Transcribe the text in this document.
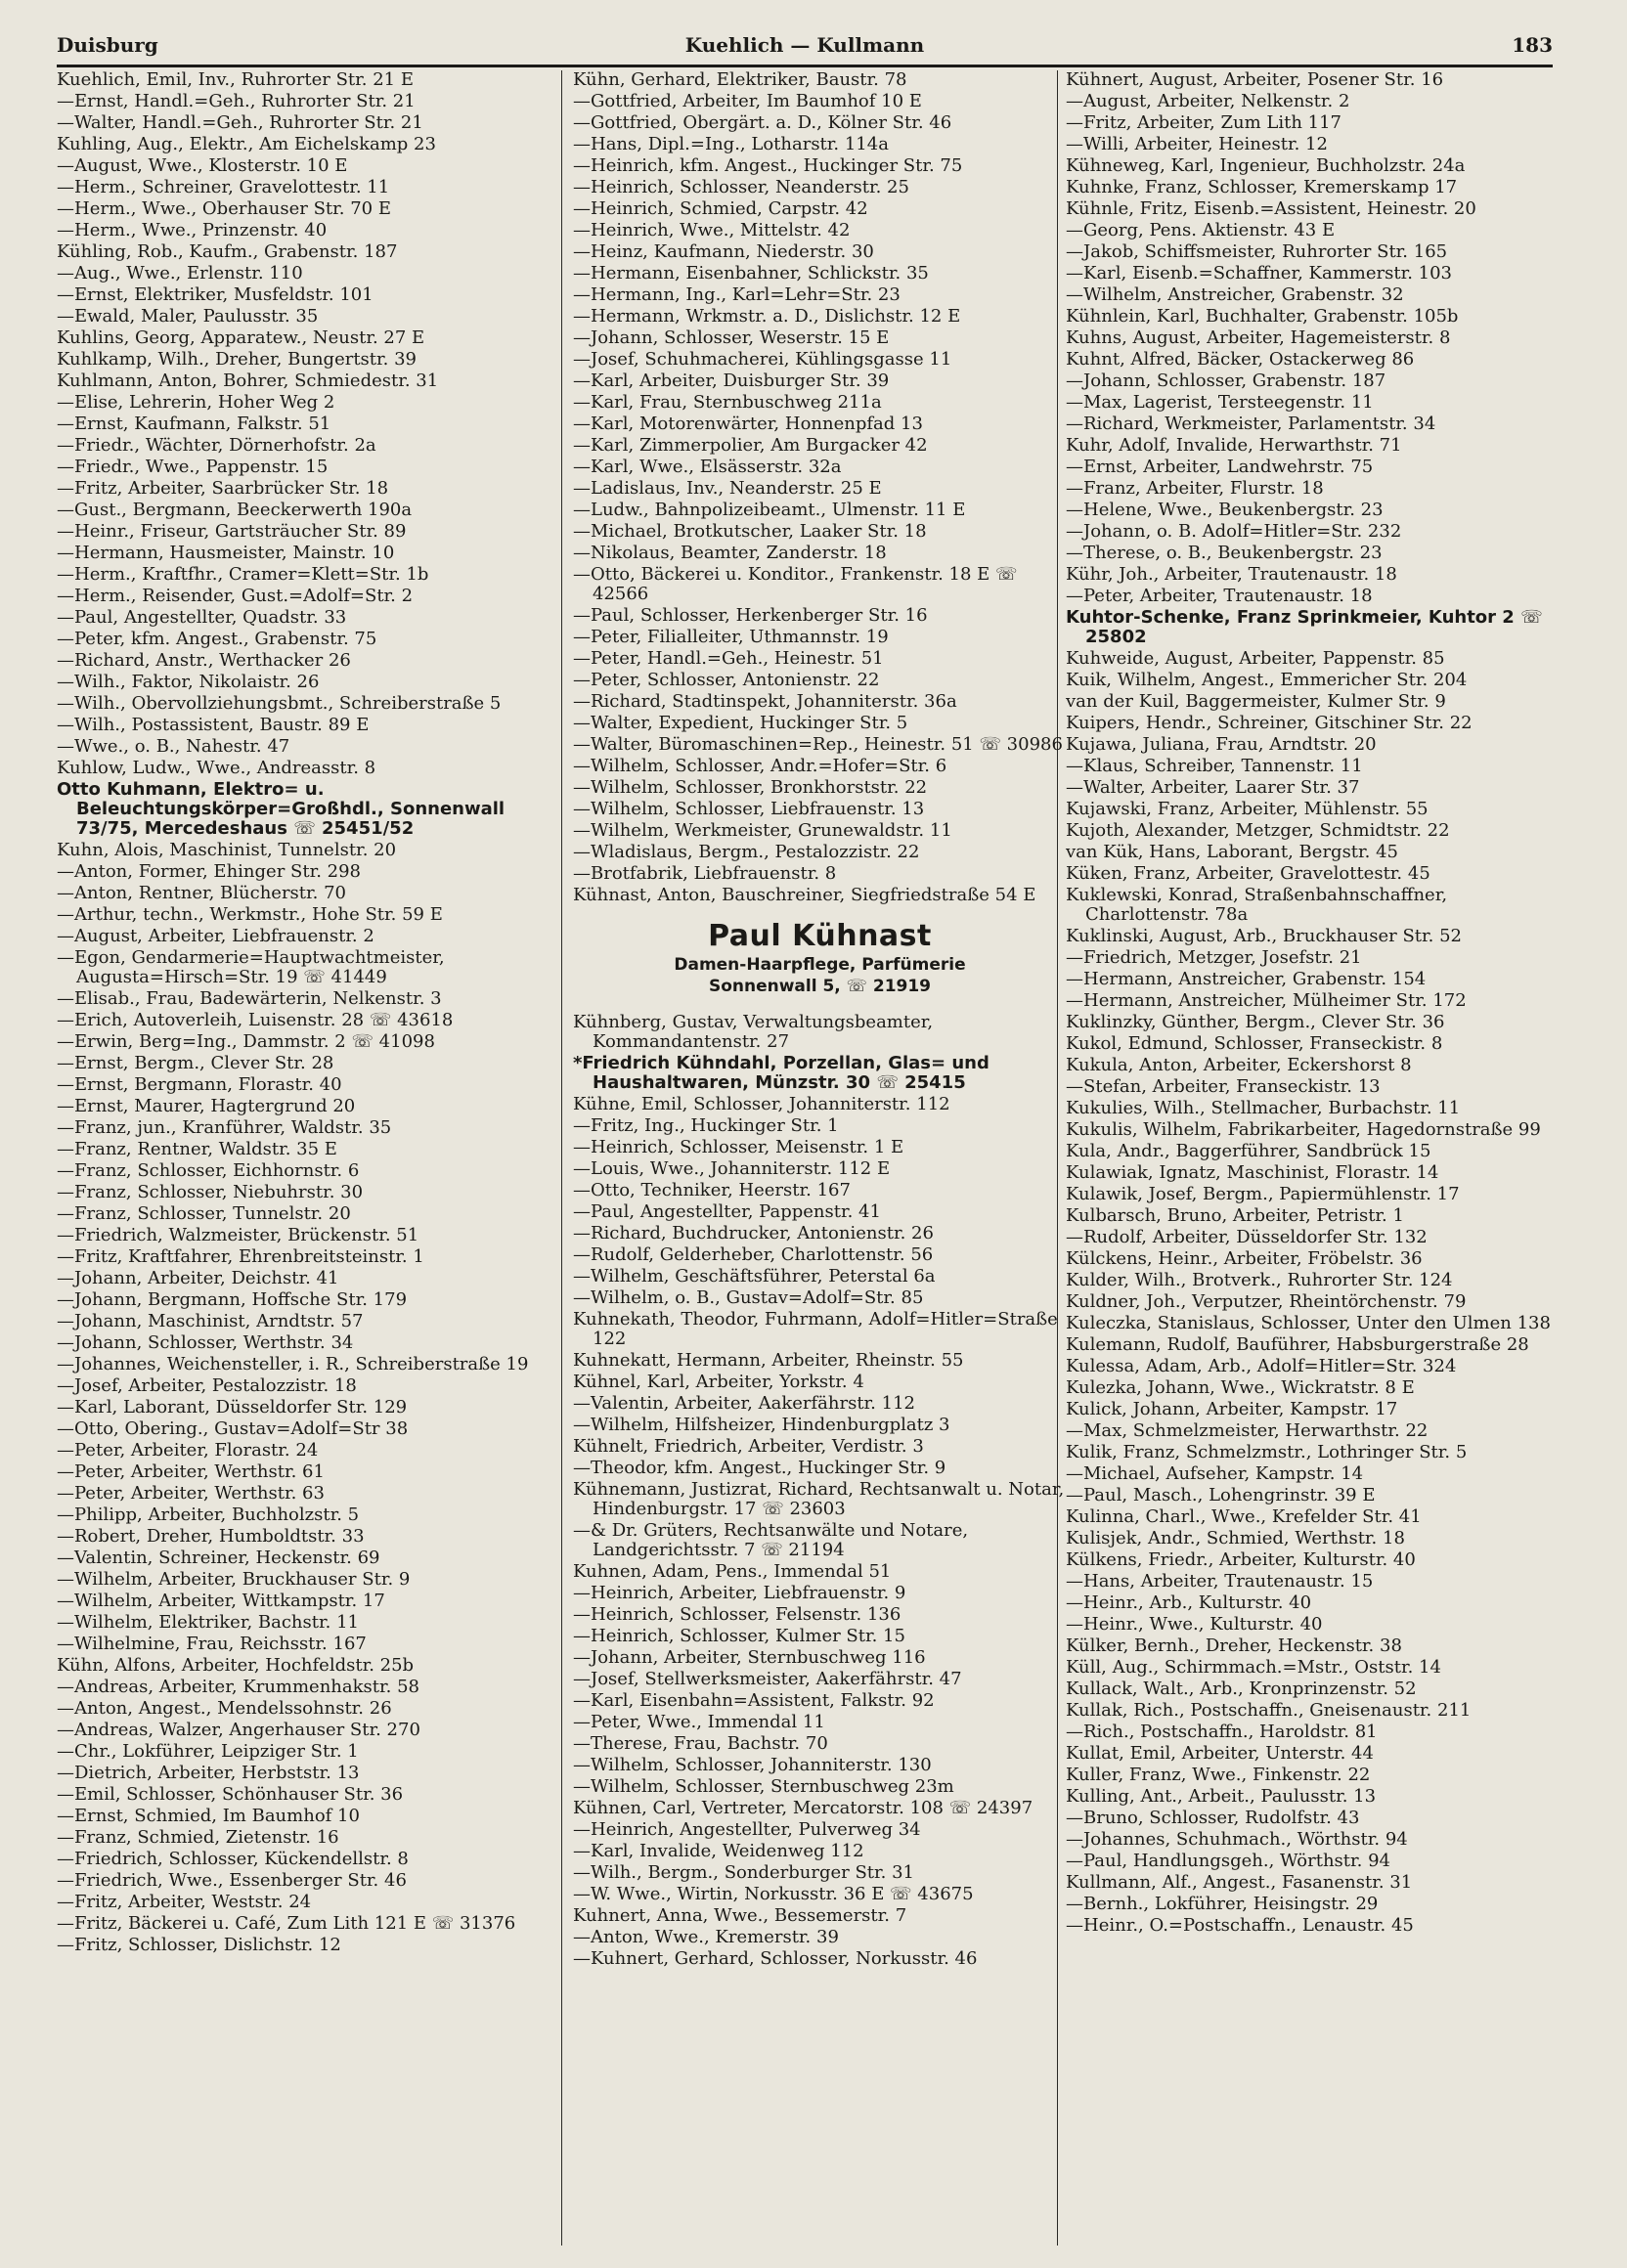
Duisburg	Kuehlich — Kullmann	183
Kuehlich, Emil, Inv., Ruhrorter Str. 21 E
—Ernst, Handl.=Geh., Ruhrorter Str. 21
—Walter, Handl.=Geh., Ruhrorter Str. 21
Kuhling, Aug., Elektr., Am Eichelskamp 23
—August, Wwe., Klosterstr. 10 E
—Herm., Schreiner, Gravelottestr. 11
—Herm., Wwe., Oberhauser Str. 70 E
—Herm., Wwe., Prinzenstr. 40
Kühling, Rob., Kaufm., Grabenstr. 187
—Aug., Wwe., Erlenstr. 110
—Ernst, Elektriker, Musfeldstr. 101
—Ewald, Maler, Paulusstr. 35
Kuhlins, Georg, Apparatew., Neustr. 27 E
Kuhlkamp, Wilh., Dreher, Bungertstr. 39
Kuhlmann, Anton, Bohrer, Schmiedestr. 31
—Elise, Lehrerin, Hoher Weg 2
—Ernst, Kaufmann, Falkstr. 51
—Friedr., Wächter, Dörnerhofstr. 2a
—Friedr., Wwe., Pappenstr. 15
—Fritz, Arbeiter, Saarbrücker Str. 18
—Gust., Bergmann, Beeckerwerth 190a
—Heinr., Friseur, Gartsträucher Str. 89
—Hermann, Hausmeister, Mainstr. 10
—Herm., Kraftfhr., Cramer=Klett=Str. 1b
—Herm., Reisender, Gust.=Adolf=Str. 2
—Paul, Angestellter, Quadstr. 33
—Peter, kfm. Angest., Grabenstr. 75
—Richard, Anstr., Werthacker 26
—Wilh., Faktor, Nikolaistr. 26
—Wilh., Obervollziehungsbmt., Schreiberstraße 5
—Wilh., Postassistent, Baustr. 89 E
—Wwe., o. B., Nahestr. 47
Kuhlow, Ludw., Wwe., Andreasstr. 8
Otto Kuhmann, Elektro= u. Beleuchtungskörper=Großhdl., Sonnenwall 73/75, Mercedeshaus ☏ 25451/52
Kuhn, Alois, Maschinist, Tunnelstr. 20
—Anton, Former, Ehinger Str. 298
—Anton, Rentner, Blücherstr. 70
—Arthur, techn., Werkmstr., Hohe Str. 59 E
—August, Arbeiter, Liebfrauenstr. 2
—Egon, Gendarmerie=Hauptwachtmeister, Augusta=Hirsch=Str. 19 ☏ 41449
—Elisab., Frau, Badewärterin, Nelkenstr. 3
—Erich, Autoverleih, Luisenstr. 28 ☏ 43618
—Erwin, Berg=Ing., Dammstr. 2 ☏ 41098
—Ernst, Bergm., Clever Str. 28
—Ernst, Bergmann, Florastr. 40
—Ernst, Maurer, Hagtergrund 20
—Franz, jun., Kranführer, Waldstr. 35
—Franz, Rentner, Waldstr. 35 E
—Franz, Schlosser, Eichhornstr. 6
—Franz, Schlosser, Niebuhrstr. 30
—Franz, Schlosser, Tunnelstr. 20
—Friedrich, Walzmeister, Brückenstr. 51
—Fritz, Kraftfahrer, Ehrenbreitsteinstr. 1
—Johann, Arbeiter, Deichstr. 41
—Johann, Bergmann, Hoffsche Str. 179
—Johann, Maschinist, Arndtstr. 57
—Johann, Schlosser, Werthstr. 34
—Johannes, Weichensteller, i. R., Schreiberstraße 19
—Josef, Arbeiter, Pestalozzistr. 18
—Karl, Laborant, Düsseldorfer Str. 129
—Otto, Obering., Gustav=Adolf=Str 38
—Peter, Arbeiter, Florastr. 24
—Peter, Arbeiter, Werthstr. 61
—Peter, Arbeiter, Werthstr. 63
—Philipp, Arbeiter, Buchholzstr. 5
—Robert, Dreher, Humboldtstr. 33
—Valentin, Schreiner, Heckenstr. 69
—Wilhelm, Arbeiter, Bruckhauser Str. 9
—Wilhelm, Arbeiter, Wittkampstr. 17
—Wilhelm, Elektriker, Bachstr. 11
—Wilhelmine, Frau, Reichsstr. 167
Kühn, Alfons, Arbeiter, Hochfeldstr. 25b
—Andreas, Arbeiter, Krummenhakstr. 58
—Anton, Angest., Mendelssohnstr. 26
—Andreas, Walzer, Angerhauser Str. 270
—Chr., Lokführer, Leipziger Str. 1
—Dietrich, Arbeiter, Herbststr. 13
—Emil, Schlosser, Schönhauser Str. 36
—Ernst, Schmied, Im Baumhof 10
—Franz, Schmied, Zietenstr. 16
—Friedrich, Schlosser, Kückendellstr. 8
—Friedrich, Wwe., Essenberger Str. 46
—Fritz, Arbeiter, Weststr. 24
—Fritz, Bäckerei u. Café, Zum Lith 121 E ☏ 31376
—Fritz, Schlosser, Dislichstr. 12
Kühn, Gerhard, Elektriker, Baustr. 78
—Gottfried, Arbeiter, Im Baumhof 10 E
—Gottfried, Obergärt. a. D., Kölner Str. 46
—Hans, Dipl.=Ing., Lotharstr. 114a
—Heinrich, kfm. Angest., Huckinger Str. 75
—Heinrich, Schlosser, Neanderstr. 25
—Heinrich, Schmied, Carpstr. 42
—Heinrich, Wwe., Mittelstr. 42
—Heinz, Kaufmann, Niederstr. 30
—Hermann, Eisenbahner, Schlickstr. 35
—Hermann, Ing., Karl=Lehr=Str. 23
—Hermann, Wrkmstr. a. D., Dislichstr. 12 E
—Johann, Schlosser, Weserstr. 15 E
—Josef, Schuhmacherei, Kühlingsgasse 11
—Karl, Arbeiter, Duisburger Str. 39
—Karl, Frau, Sternbuschweg 211a
—Karl, Motorenwärter, Honnenpfad 13
—Karl, Zimmerpolier, Am Burgacker 42
—Karl, Wwe., Elsässerstr. 32a
—Ladislaus, Inv., Neanderstr. 25 E
—Ludw., Bahnpolizeibeamt., Ulmenstr. 11 E
—Michael, Brotkutscher, Laaker Str. 18
—Nikolaus, Beamter, Zanderstr. 18
—Otto, Bäckerei u. Konditor., Frankenstr. 18 E ☏ 42566
—Paul, Schlosser, Herkenberger Str. 16
—Peter, Filialleiter, Uthmannstr. 19
—Peter, Handl.=Geh., Heinestr. 51
—Peter, Schlosser, Antonienstr. 22
—Richard, Stadtinspekt, Johanniterstr. 36a
—Walter, Expedient, Huckinger Str. 5
—Walter, Büromaschinen=Rep., Heinestr. 51 ☏ 30986
—Wilhelm, Schlosser, Andr.=Hofer=Str. 6
—Wilhelm, Schlosser, Bronkhorststr. 22
—Wilhelm, Schlosser, Liebfrauenstr. 13
—Wilhelm, Werkmeister, Grunewaldstr. 11
—Wladislaus, Bergm., Pestalozzistr. 22
—Brotfabrik, Liebfrauenstr. 8
Kühnast, Anton, Bauschreiner, Siegfriedstraße 54 E
Paul Kühnast
Damen-Haarpflege, Parfümerie
Sonnenwall 5, ☏ 21919
Kühnberg, Gustav, Verwaltungsbeamter, Kommandantenstr. 27
*Friedrich Kühndahl, Porzellan, Glas= und Haushaltwaren, Münzstr. 30 ☏ 25415
Kühne, Emil, Schlosser, Johanniterstr. 112
—Fritz, Ing., Huckinger Str. 1
—Heinrich, Schlosser, Meisenstr. 1 E
—Louis, Wwe., Johanniterstr. 112 E
—Otto, Techniker, Heerstr. 167
—Paul, Angestellter, Pappenstr. 41
—Richard, Buchdrucker, Antonienstr. 26
—Rudolf, Gelderheber, Charlottenstr. 56
—Wilhelm, Geschäftsführer, Peterstal 6a
—Wilhelm, o. B., Gustav=Adolf=Str. 85
Kuhnekath, Theodor, Fuhrmann, Adolf=Hitler=Straße 122
Kuhnekatt, Hermann, Arbeiter, Rheinstr. 55
Kühnel, Karl, Arbeiter, Yorkstr. 4
—Valentin, Arbeiter, Aakerfährstr. 112
—Wilhelm, Hilfsheizer, Hindenburgplatz 3
Kühnelt, Friedrich, Arbeiter, Verdistr. 3
—Theodor, kfm. Angest., Huckinger Str. 9
Kühnemann, Justizrat, Richard, Rechtsanwalt u. Notar, Hindenburgstr. 17 ☏ 23603
—& Dr. Grüters, Rechtsanwälte und Notare, Landgerichtsstr. 7 ☏ 21194
Kuhnen, Adam, Pens., Immendal 51
—Heinrich, Arbeiter, Liebfrauenstr. 9
—Heinrich, Schlosser, Felsenstr. 136
—Heinrich, Schlosser, Kulmer Str. 15
—Johann, Arbeiter, Sternbuschweg 116
—Josef, Stellwerksmeister, Aakerfährstr. 47
—Karl, Eisenbahn=Assistent, Falkstr. 92
—Peter, Wwe., Immendal 11
—Therese, Frau, Bachstr. 70
—Wilhelm, Schlosser, Johanniterstr. 130
—Wilhelm, Schlosser, Sternbuschweg 23m
Kühnen, Carl, Vertreter, Mercatorstr. 108 ☏ 24397
—Heinrich, Angestellter, Pulverweg 34
—Karl, Invalide, Weidenweg 112
—Wilh., Bergm., Sonderburger Str. 31
—W. Wwe., Wirtin, Norkusstr. 36 E ☏ 43675
Kuhnert, Anna, Wwe., Bessemerstr. 7
—Anton, Wwe., Kremerstr. 39
—Kuhnert, Gerhard, Schlosser, Norkusstr. 46
Kühnert, August, Arbeiter, Posener Str. 16
—August, Arbeiter, Nelkenstr. 2
—Fritz, Arbeiter, Zum Lith 117
—Willi, Arbeiter, Heinestr. 12
Kühneweg, Karl, Ingenieur, Buchholzstr. 24a
Kuhnke, Franz, Schlosser, Kremerskamp 17
Kühnle, Fritz, Eisenb.=Assistent, Heinestr. 20
—Georg, Pens. Aktienstr. 43 E
—Jakob, Schiffsmeister, Ruhrorter Str. 165
—Karl, Eisenb.=Schaffner, Kammerstr. 103
—Wilhelm, Anstreicher, Grabenstr. 32
Kühnlein, Karl, Buchhalter, Grabenstr. 105b
Kuhns, August, Arbeiter, Hagemeisterstr. 8
Kuhnt, Alfred, Bäcker, Ostackerweg 86
—Johann, Schlosser, Grabenstr. 187
—Max, Lagerist, Tersteegenstr. 11
—Richard, Werkmeister, Parlamentstr. 34
Kuhr, Adolf, Invalide, Herwarthstr. 71
—Ernst, Arbeiter, Landwehrstr. 75
—Franz, Arbeiter, Flurstr. 18
—Helene, Wwe., Beukenbergstr. 23
—Johann, o. B. Adolf=Hitler=Str. 232
—Therese, o. B., Beukenbergstr. 23
Kühr, Joh., Arbeiter, Trautenaustr. 18
—Peter, Arbeiter, Trautenaustr. 18
Kuhtor-Schenke, Franz Sprinkmeier, Kuhtor 2 ☏ 25802
Kuhweide, August, Arbeiter, Pappenstr. 85
Kuik, Wilhelm, Angest., Emmericher Str. 204
van der Kuil, Baggermeister, Kulmer Str. 9
Kuipers, Hendr., Schreiner, Gitschiner Str. 22
Kujawa, Juliana, Frau, Arndtstr. 20
—Klaus, Schreiber, Tannenstr. 11
—Walter, Arbeiter, Laarer Str. 37
Kujawski, Franz, Arbeiter, Mühlenstr. 55
Kujoth, Alexander, Metzger, Schmidtstr. 22
van Kük, Hans, Laborant, Bergstr. 45
Küken, Franz, Arbeiter, Gravelottestr. 45
Kuklewski, Konrad, Straßenbahnschaffner, Charlottenstr. 78a
Kuklinski, August, Arb., Bruckhauser Str. 52
—Friedrich, Metzger, Josefstr. 21
—Hermann, Anstreicher, Grabenstr. 154
—Hermann, Anstreicher, Mülheimer Str. 172
Kuklinzky, Günther, Bergm., Clever Str. 36
Kukol, Edmund, Schlosser, Franseckistr. 8
Kukula, Anton, Arbeiter, Eckershorst 8
—Stefan, Arbeiter, Franseckistr. 13
Kukulies, Wilh., Stellmacher, Burbachstr. 11
Kukulis, Wilhelm, Fabrikarbeiter, Hagedornstraße 99
Kula, Andr., Baggerführer, Sandbrück 15
Kulawiak, Ignatz, Maschinist, Florastr. 14
Kulawik, Josef, Bergm., Papiermühlenstr. 17
Kulbarsch, Bruno, Arbeiter, Petristr. 1
—Rudolf, Arbeiter, Düsseldorfer Str. 132
Külckens, Heinr., Arbeiter, Fröbelstr. 36
Kulder, Wilh., Brotverk., Ruhrorter Str. 124
Kuldner, Joh., Verputzer, Rheintörchenstr. 79
Kuleczka, Stanislaus, Schlosser, Unter den Ulmen 138
Kulemann, Rudolf, Bauführer, Habsburgerstraße 28
Kulessa, Adam, Arb., Adolf=Hitler=Str. 324
Kulezka, Johann, Wwe., Wickratstr. 8 E
Kulick, Johann, Arbeiter, Kampstr. 17
—Max, Schmelzmeister, Herwarthstr. 22
Kulik, Franz, Schmelzmstr., Lothringer Str. 5
—Michael, Aufseher, Kampstr. 14
—Paul, Masch., Lohengrinstr. 39 E
Kulinna, Charl., Wwe., Krefelder Str. 41
Kulisjek, Andr., Schmied, Werthstr. 18
Külkens, Friedr., Arbeiter, Kulturstr. 40
—Hans, Arbeiter, Trautenaustr. 15
—Heinr., Arb., Kulturstr. 40
—Heinr., Wwe., Kulturstr. 40
Külker, Bernh., Dreher, Heckenstr. 38
Küll, Aug., Schirmmach.=Mstr., Oststr. 14
Kullack, Walt., Arb., Kronprinzenstr. 52
Kullak, Rich., Postschaffn., Gneisenaustr. 211
—Rich., Postschaffn., Haroldstr. 81
Kullat, Emil, Arbeiter, Unterstr. 44
Kuller, Franz, Wwe., Finkenstr. 22
Kulling, Ant., Arbeit., Paulusstr. 13
—Bruno, Schlosser, Rudolfstr. 43
—Johannes, Schuhmach., Wörthstr. 94
—Paul, Handlungsgeh., Wörthstr. 94
Kullmann, Alf., Angest., Fasanenstr. 31
—Bernh., Lokführer, Heisingstr. 29
—Heinr., O.=Postschaffn., Lenaustr. 45
